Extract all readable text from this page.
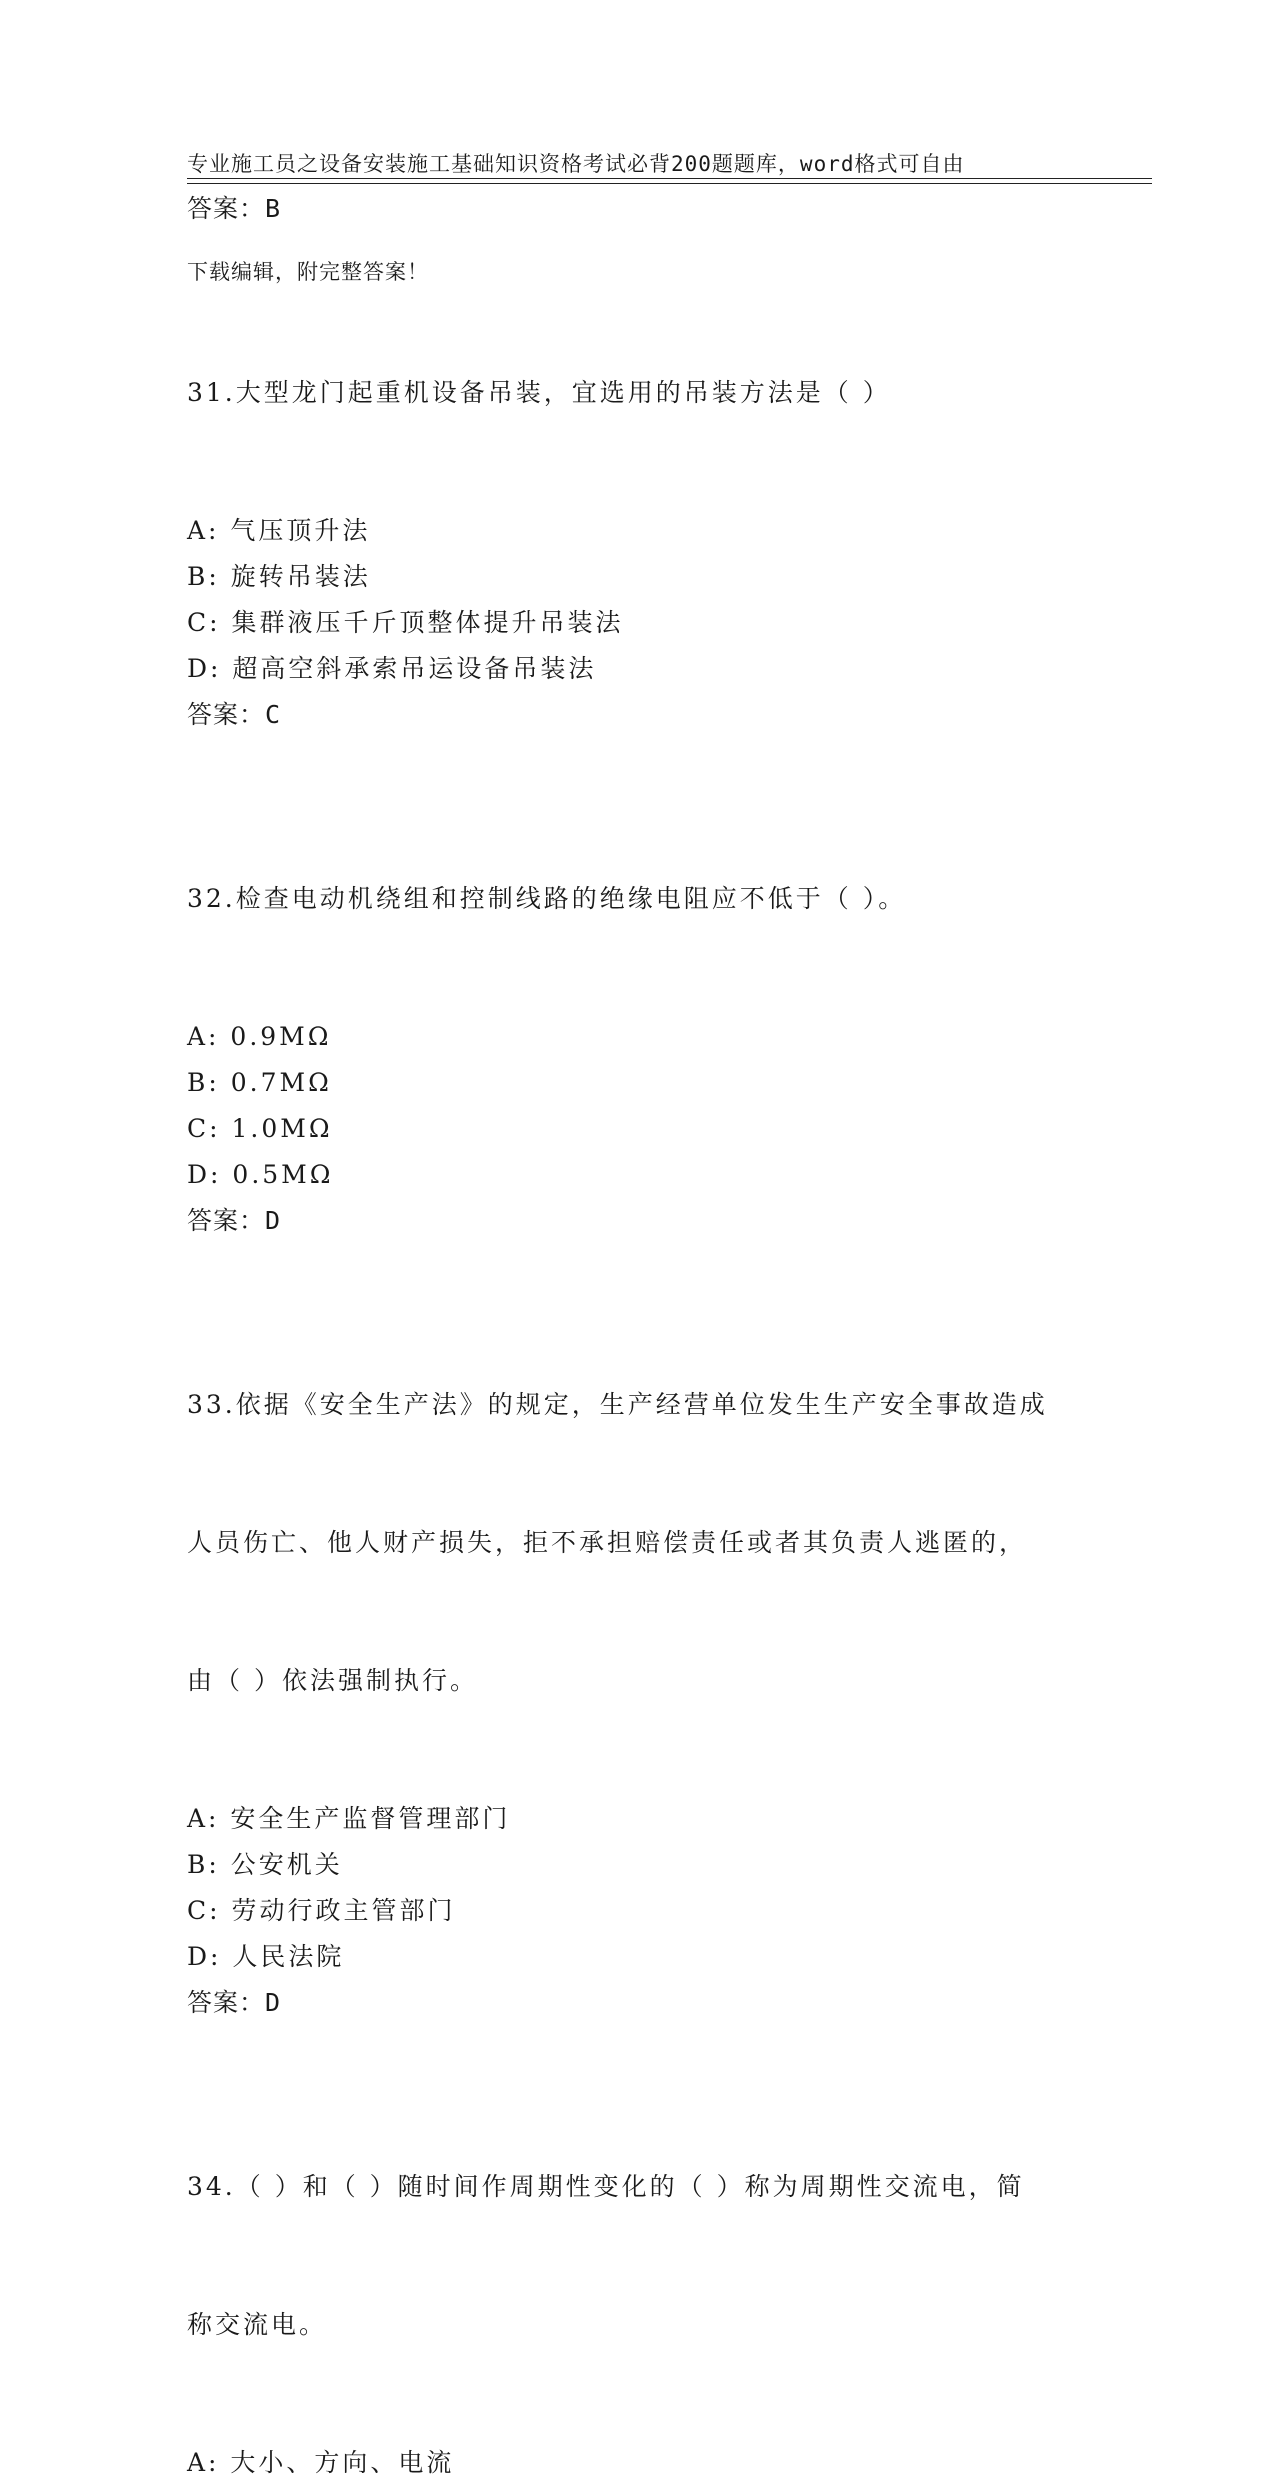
专业施工员之设备安装施工基础知识资格考试必背200题题库，word格式可自由

下载编辑，附完整答案！

答案：B

31.大型龙门起重机设备吊装，宜选用的吊装方法是（ ）

A: 气压顶升法
B: 旋转吊装法
C: 集群液压千斤顶整体提升吊装法
D: 超高空斜承索吊运设备吊装法
答案：C

32.检查电动机绕组和控制线路的绝缘电阻应不低于（ ）。

A: 0.9MΩ
B: 0.7MΩ
C: 1.0MΩ
D: 0.5MΩ
答案：D

33.依据《安全生产法》的规定，生产经营单位发生生产安全事故造成

人员伤亡、他人财产损失，拒不承担赔偿责任或者其负责人逃匿的，

由（ ）依法强制执行。

A: 安全生产监督管理部门
B: 公安机关
C: 劳动行政主管部门
D: 人民法院
答案：D

34.（ ）和（ ）随时间作周期性变化的（ ）称为周期性交流电，简

称交流电。

A: 大小、方向、电流
